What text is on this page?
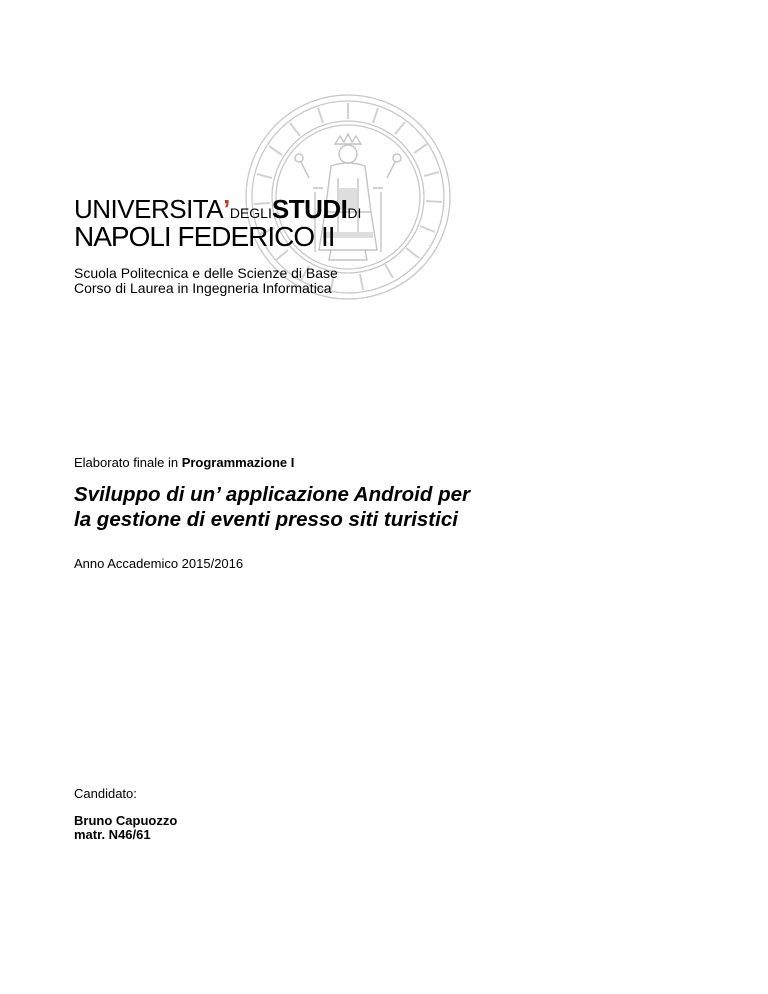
UNIVERSITA’DEGLISTUDIDI
NAPOLI FEDERICO II
Scuola Politecnica e delle Scienze di Base
Corso di Laurea in Ingegneria Informatica
Elaborato finale in Programmazione I
Sviluppo di un’ applicazione Android per
la gestione di eventi presso siti turistici
Anno Accademico 2015/2016
Candidato:
Bruno Capuozzo
matr. N46/61
